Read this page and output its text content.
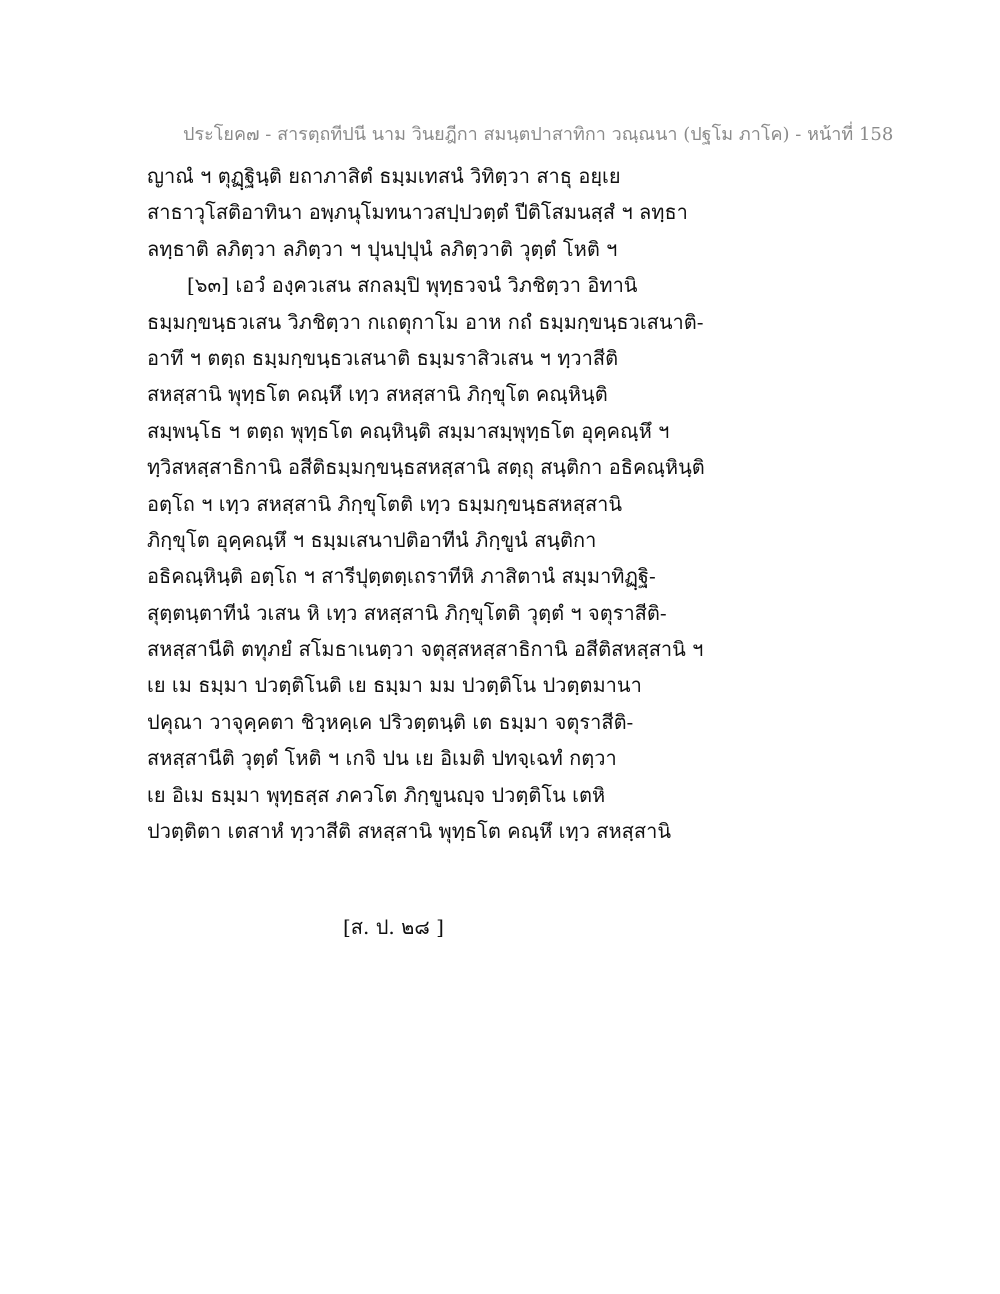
ประโยค๗ - สารตฺถทีปนี นาม วินยฎีกา สมนฺตปาสาทิกา วณฺณนา (ปฐโม ภาโค) - หน้าที่ 158
ญาณํ ฯ ตุฏฺฐินฺติ ยถาภาสิตํ ธมฺมเทสนํ วิทิตฺวา สาธุ อยฺเย
สาธาวุโสติอาทินา อพฺภนุโมทนาวสปฺปวตฺตํ ปีติโสมนสฺสํ ฯ ลทฺธา
ลทฺธาติ ลภิตฺวา ลภิตฺวา ฯ ปุนปฺปุนํ ลภิตฺวาติ วุตฺตํ โหติ ฯ
[๖๓] เอวํ องฺควเสน สกลมฺปิ พุทฺธวจนํ วิภชิตฺวา อิทานิ
ธมฺมกฺขนฺธวเสน วิภชิตฺวา กเถตุกาโม อาห กถํ ธมฺมกฺขนฺธวเสนาติ-
อาทึ ฯ ตตฺถ ธมฺมกฺขนฺธวเสนาติ ธมฺมราสิวเสน ฯ ทฺวาสีติ
สหสฺสานิ พุทฺธโต คณฺหึ เทฺว สหสฺสานิ ภิกฺขุโต คณฺหินฺติ
สมฺพนฺโธ ฯ ตตฺถ พุทฺธโต คณฺหินฺติ สมฺมาสมฺพุทฺธโต อุคฺคณฺหึ ฯ
ทฺวิสหสฺสาธิกานิ อสีติธมฺมกฺขนฺธสหสฺสานิ สตฺถุ สนฺติกา อธิคณฺหินฺติ
อตฺโถ ฯ เทฺว สหสฺสานิ ภิกฺขุโตติ เทฺว ธมฺมกฺขนฺธสหสฺสานิ
ภิกฺขุโต อุคฺคณฺหึ ฯ ธมฺมเสนาปติอาทีนํ ภิกฺขูนํ สนฺติกา
อธิคณฺหินฺติ อตฺโถ ฯ สารีปุตฺตตฺเถราทีหิ ภาสิตานํ สมฺมาทิฏฺฐิ-
สุตฺตนฺตาทีนํ วเสน หิ เทฺว สหสฺสานิ ภิกฺขุโตติ วุตฺตํ ฯ จตุราสีติ-
สหสฺสานีติ ตทุภยํ สโมธาเนตฺวา จตุสฺสหสฺสาธิกานิ อสีติสหสฺสานิ ฯ
เย เม ธมฺมา ปวตฺติโนติ เย ธมฺมา มม ปวตฺติโน ปวตฺตมานา
ปคุณา วาจุคฺคตา ชิวฺหคฺเค ปริวตฺตนฺติ เต ธมฺมา จตุราสีติ-
สหสฺสานีติ วุตฺตํ โหติ ฯ เกจิ ปน เย อิเมติ ปทจฺเฉทํ กตฺวา
เย อิเม ธมฺมา พุทฺธสฺส ภควโต ภิกฺขูนญฺจ ปวตฺติโน เตหิ
ปวตฺติตา เตสาหํ ทฺวาสีติ สหสฺสานิ พุทฺธโต คณฺหึ เทฺว สหสฺสานิ
[ส. ป. ๒๘ ]
